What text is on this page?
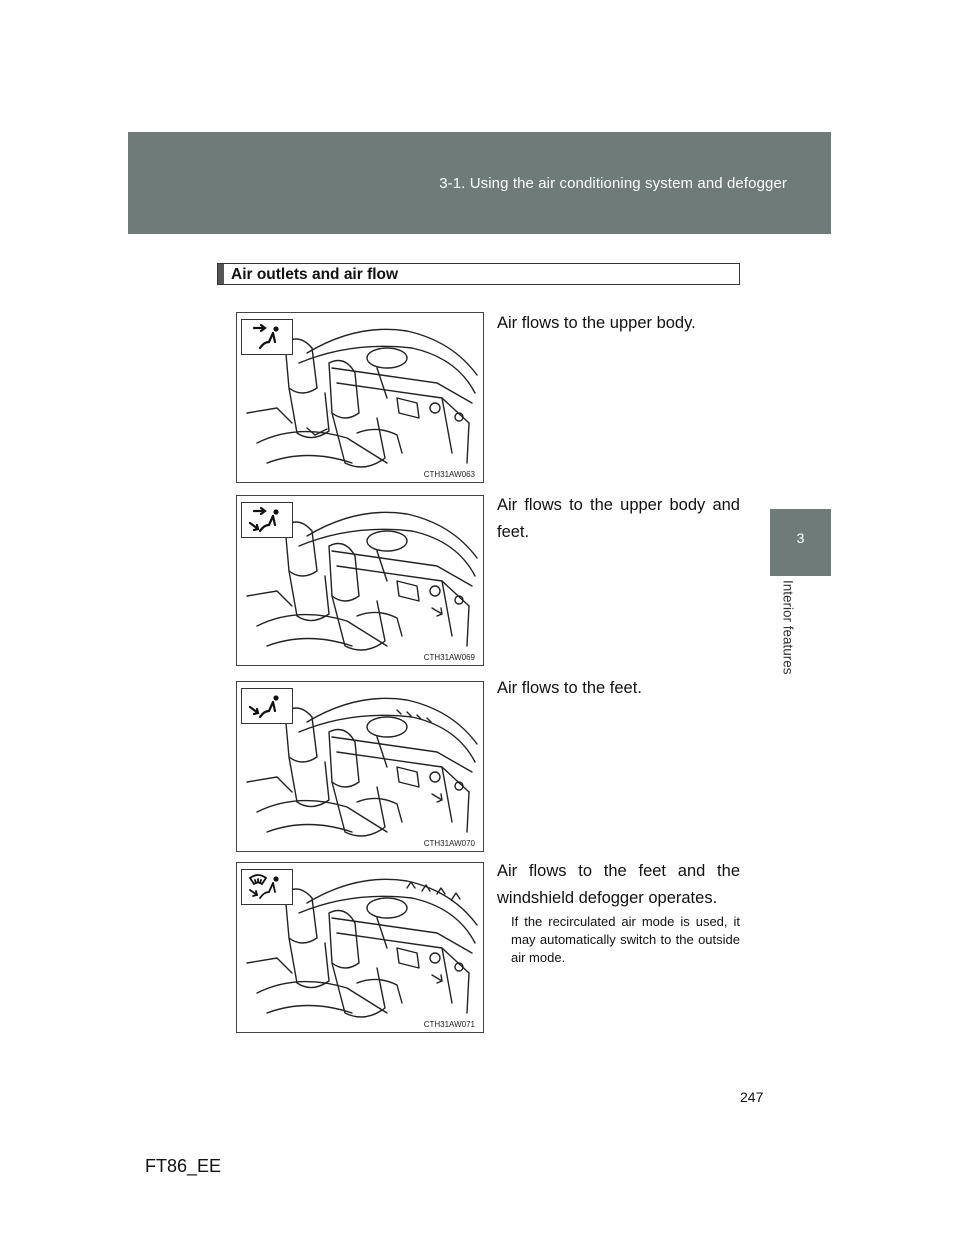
3-1. Using the air conditioning system and defogger
3
Interior features
Air outlets and air flow
CTH31AW063
Air flows to the upper body.
CTH31AW069
Air flows to the upper body and feet.
CTH31AW070
Air flows to the feet.
CTH31AW071
Air flows to the feet and the windshield defogger operates.
If the recirculated air mode is used, it may automatically switch to the outside air mode.
247
FT86_EE
